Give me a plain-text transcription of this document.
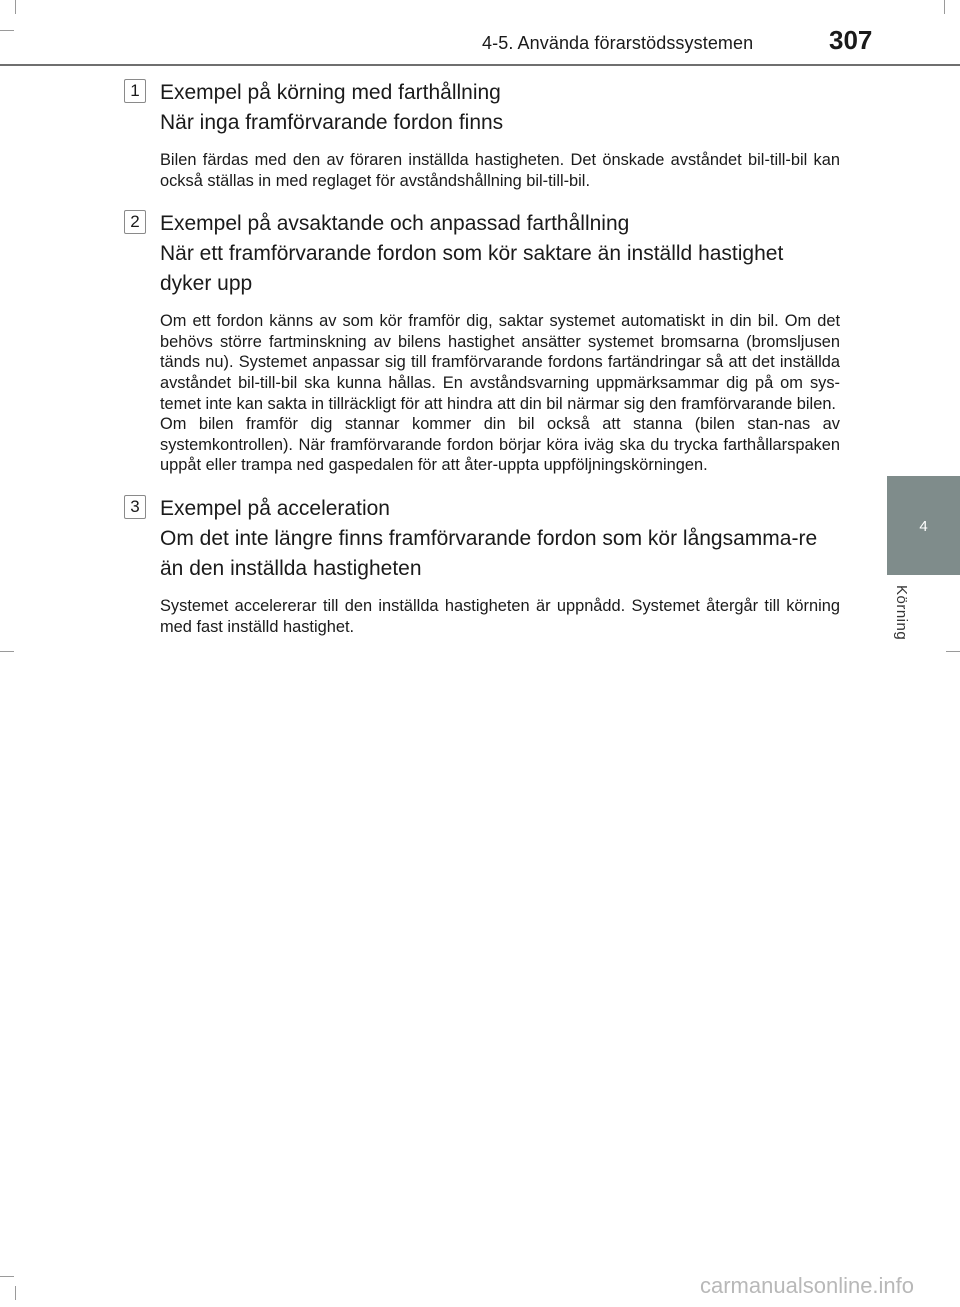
4-5. Använda förarstödssystemen	307
4
Körning
1 Exempel på körning med farthållning
När inga framförvarande fordon finns

Bilen färdas med den av föraren inställda hastigheten. Det önskade avståndet bil-till-bil kan också ställas in med reglaget för avståndshållning bil-till-bil.

2 Exempel på avsaktande och anpassad farthållning
När ett framförvarande fordon som kör saktare än inställd hastighet dyker upp

Om ett fordon känns av som kör framför dig, saktar systemet automatiskt in din bil. Om det behövs större fartminskning av bilens hastighet ansätter systemet bromsarna (bromsljusen tänds nu). Systemet anpassar sig till framförvarande fordons fartändringar så att det inställda avståndet bil-till-bil ska kunna hållas. En avståndsvarning uppmärksammar dig på om sys-temet inte kan sakta in tillräckligt för att hindra att din bil närmar sig den framförvarande bilen.

Om bilen framför dig stannar kommer din bil också att stanna (bilen stan-nas av systemkontrollen). När framförvarande fordon börjar köra iväg ska du trycka farthållarspaken uppåt eller trampa ned gaspedalen för att åter-uppta uppföljningskörningen.

3 Exempel på acceleration
Om det inte längre finns framförvarande fordon som kör långsamma-re än den inställda hastigheten

Systemet accelererar till den inställda hastigheten är uppnådd. Systemet återgår till körning med fast inställd hastighet.

carmanualsonline.info
